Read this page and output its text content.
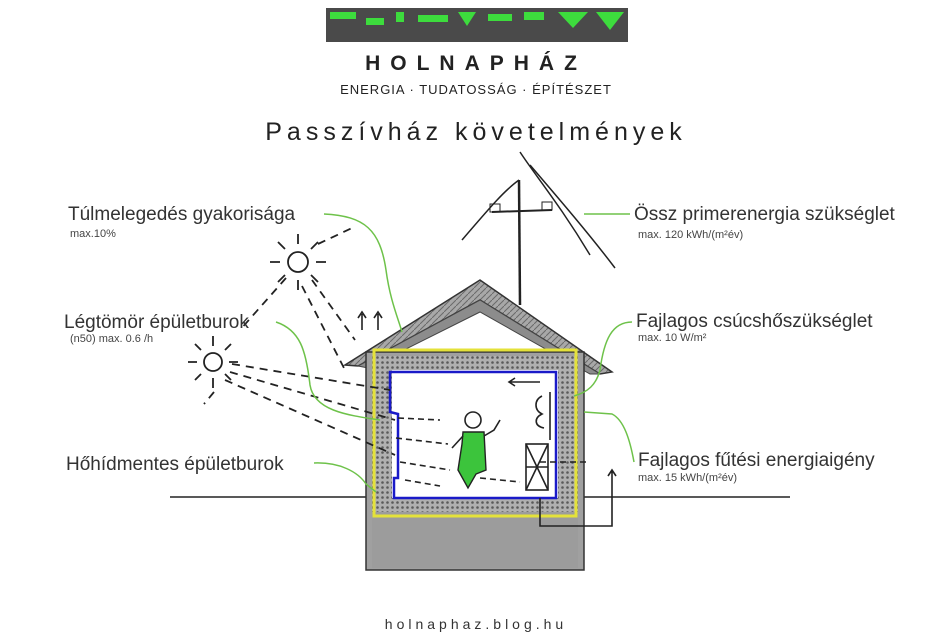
HOLNAPHÁZ
ENERGIA · TUDATOSSÁG · ÉPÍTÉSZET
Passzívház követelmények
Túlmelegedés gyakorisága
max.10%
Légtömör épületburok
(n50) max. 0.6 /h
Hőhídmentes épületburok
Össz primerenergia szükséglet
max. 120 kWh/(m²év)
Fajlagos csúcshőszükséglet
max. 10 W/m²
Fajlagos fűtési energiaigény
max. 15 kWh/(m²év)
holnaphaz.blog.hu
